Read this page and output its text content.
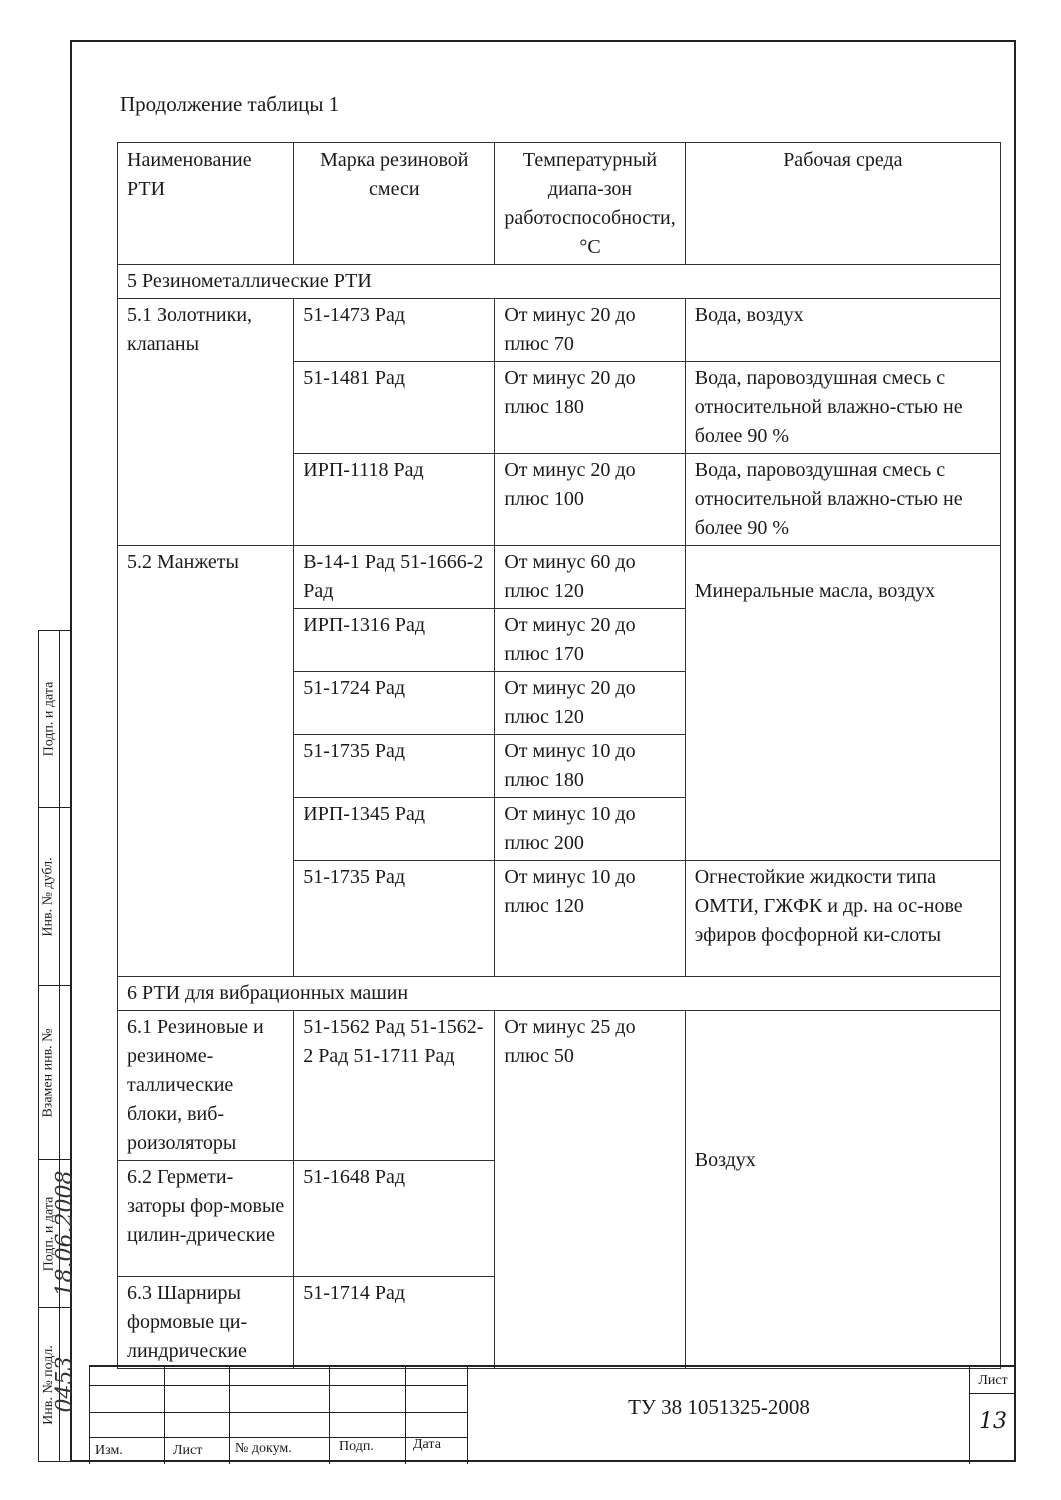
Подп. и дата
Инв. № дубл.
Взамен инв. №
Подп. и дата
18.06.2008
Инв. № подл.
0453
Продолжение таблицы 1
Наименование РТИ	Марка резиновой смеси	Температурный диапа-зон работоспособности, °С	Рабочая среда
5 Резинометаллические РТИ			
5.1 Золотники, клапаны	51-1473 Рад	От минус 20 до плюс 70	Вода, воздух
	51-1481 Рад	От минус 20 до плюс 180	Вода, паровоздушная смесь с относительной влажно-стью не более 90 %
	ИРП-1118 Рад	От минус 20 до плюс 100	Вода, паровоздушная смесь с относительной влажно-стью не более 90 %
5.2 Манжеты	В-14-1 Рад 51-1666-2 Рад	От минус 60 до плюс 120	Минеральные масла, воздух
	ИРП-1316 Рад	От минус 20 до плюс 170	
	51-1724 Рад	От минус 20 до плюс 120	
	51-1735 Рад	От минус 10 до плюс 180	
	ИРП-1345 Рад	От минус 10 до плюс 200	
	51-1735 Рад	От минус 10 до плюс 120	Огнестойкие жидкости типа ОМТИ, ГЖФК и др. на ос-нове эфиров фосфорной ки-слоты
6 РТИ для вибрационных машин			
6.1 Резиновые и резиноме-таллические блоки, виб-роизоляторы	51-1562 Рад 51-1562-2 Рад 51-1711 Рад	От минус 25 до плюс 50	Воздух
6.2 Гермети-заторы фор-мовые цилин-дрические	51-1648 Рад		
6.3 Шарниры формовые ци-линдрические	51-1714 Рад		
Изм.	Лист № докум.	Подп.	Дата
ТУ 38 1051325-2008
Лист
13
